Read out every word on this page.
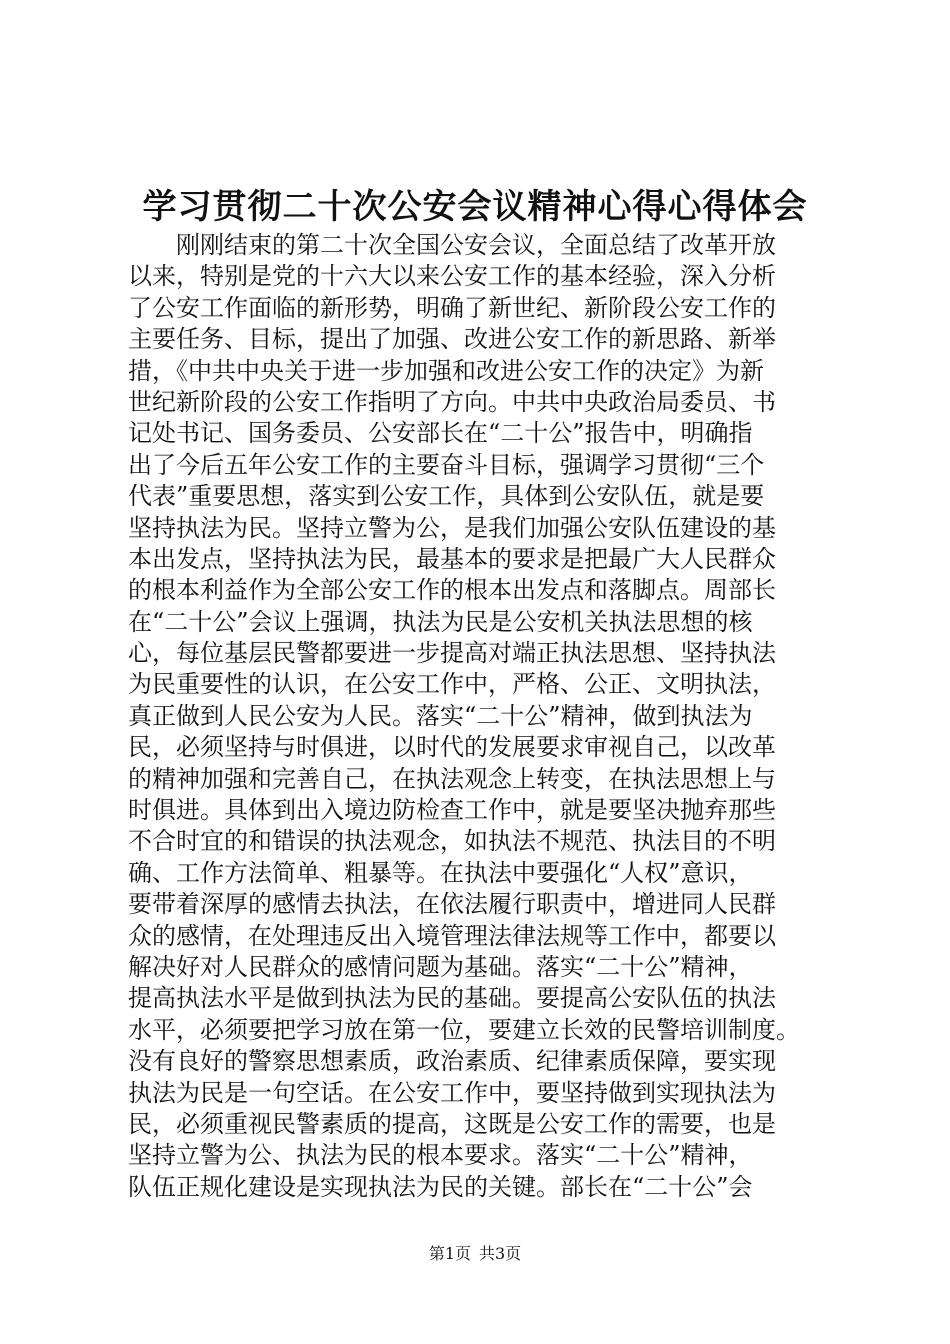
学习贯彻二十次公安会议精神心得心得体会
刚刚结束的第二十次全国公安会议，全面总结了改革开放
以来，特别是党的十六大以来公安工作的基本经验，深入分析
了公安工作面临的新形势，明确了新世纪、新阶段公安工作的
主要任务、目标，提出了加强、改进公安工作的新思路、新举
措，《中共中央关于进一步加强和改进公安工作的决定》为新
世纪新阶段的公安工作指明了方向。中共中央政治局委员、书
记处书记、国务委员、公安部长在“二十公”报告中，明确指
出了今后五年公安工作的主要奋斗目标，强调学习贯彻“三个
代表”重要思想，落实到公安工作，具体到公安队伍，就是要
坚持执法为民。坚持立警为公，是我们加强公安队伍建设的基
本出发点，坚持执法为民，最基本的要求是把最广大人民群众
的根本利益作为全部公安工作的根本出发点和落脚点。周部长
在“二十公”会议上强调，执法为民是公安机关执法思想的核
心，每位基层民警都要进一步提高对端正执法思想、坚持执法
为民重要性的认识，在公安工作中，严格、公正、文明执法，
真正做到人民公安为人民。落实“二十公”精神，做到执法为
民，必须坚持与时俱进，以时代的发展要求审视自己，以改革
的精神加强和完善自己，在执法观念上转变，在执法思想上与
时俱进。具体到出入境边防检查工作中，就是要坚决抛弃那些
不合时宜的和错误的执法观念，如执法不规范、执法目的不明
确、工作方法简单、粗暴等。在执法中要强化“人权”意识，
要带着深厚的感情去执法，在依法履行职责中，增进同人民群
众的感情，在处理违反出入境管理法律法规等工作中，都要以
解决好对人民群众的感情问题为基础。落实“二十公”精神，
提高执法水平是做到执法为民的基础。要提高公安队伍的执法
水平，必须要把学习放在第一位，要建立长效的民警培训制度。
没有良好的警察思想素质，政治素质、纪律素质保障，要实现
执法为民是一句空话。在公安工作中，要坚持做到实现执法为
民，必须重视民警素质的提高，这既是公安工作的需要，也是
坚持立警为公、执法为民的根本要求。落实“二十公”精神，
队伍正规化建设是实现执法为民的关键。部长在“二十公”会
第1页 共3页
